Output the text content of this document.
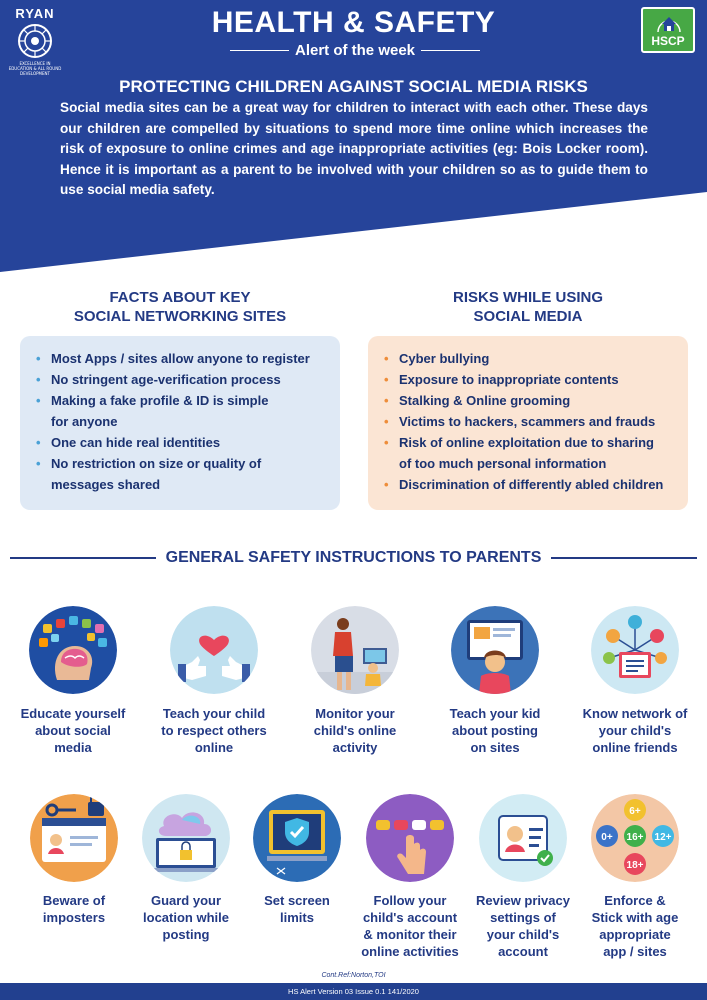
RYAN
EXCELLENCE IN EDUCATION & ALL ROUND DEVELOPMENT
HEALTH & SAFETY
Alert of the week
HSCP
PROTECTING CHILDREN AGAINST SOCIAL MEDIA RISKS
Social media sites can be a great way for children to interact with each other. These days our children are compelled by situations to spend more time online which increases the risk of exposure to online crimes and age inappropriate activities (eg: Bois Locker room). Hence it is important as a parent to be involved with your children so as to guide them to use social media safety.
FACTS ABOUT KEY
SOCIAL NETWORKING SITES
RISKS WHILE USING
SOCIAL MEDIA
• Most Apps / sites allow anyone to register
• No stringent age-verification process
• Making a fake profile & ID is simple
for anyone
• One can hide real identities
• No restriction on size or quality of
messages shared
• Cyber bullying
• Exposure to inappropriate contents
• Stalking & Online grooming
• Victims to hackers, scammers and frauds
• Risk of online exploitation due to sharing
of too much personal information
• Discrimination of differently abled children
GENERAL SAFETY INSTRUCTIONS TO PARENTS
Educate yourself
about social
media
Teach your child
to respect others
online
Monitor your
child's online
activity
Teach your kid
about posting
on sites
Know network of
your child's
online friends
6+
0+ 16+ 12+
18+
Beware of
imposters
Guard your
location while
posting
Set screen
limits
Follow your
child's account
& monitor their
online activities
Review privacy
settings of
your child's
account
Enforce &
Stick with age
appropriate
app / sites
Cont.Ref:Norton,TOI
HS Alert Version 03 Issue 0.1 141/2020
